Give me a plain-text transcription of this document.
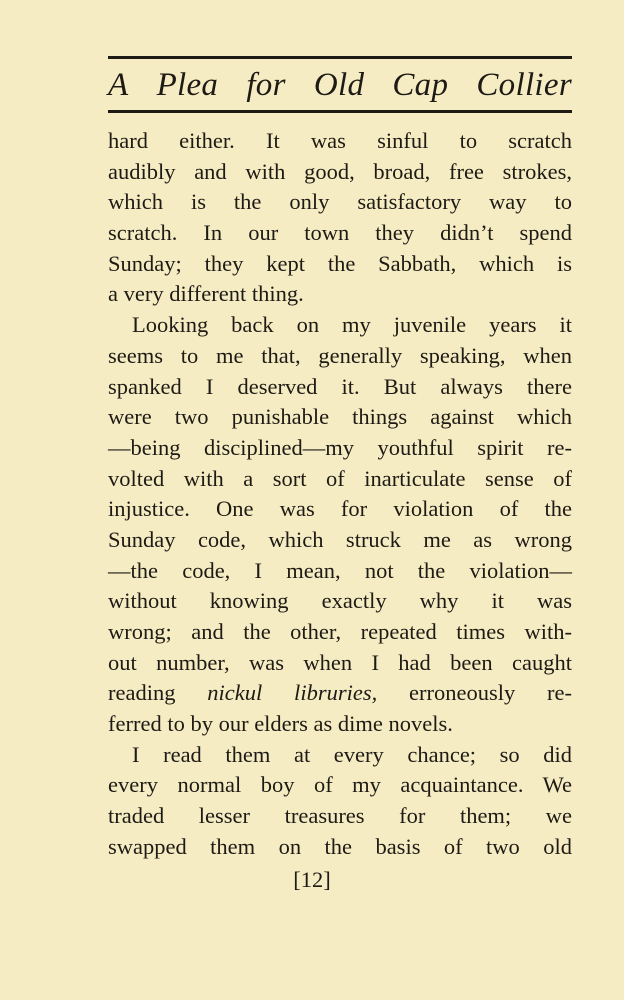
A Plea for Old Cap Collier
hard either. It was sinful to scratch
audibly and with good, broad, free strokes,
which is the only satisfactory way to
scratch. In our town they didn’t spend
Sunday; they kept the Sabbath, which is
a very different thing.
Looking back on my juvenile years it
seems to me that, generally speaking, when
spanked I deserved it. But always there
were two punishable things against which
—being disciplined—my youthful spirit re-
volted with a sort of inarticulate sense of
injustice. One was for violation of the
Sunday code, which struck me as wrong
—the code, I mean, not the violation—
without knowing exactly why it was
wrong; and the other, repeated times with-
out number, was when I had been caught
reading nickul libruries, erroneously re-
ferred to by our elders as dime novels.
I read them at every chance; so did
every normal boy of my acquaintance. We
traded lesser treasures for them; we
swapped them on the basis of two old
[12]
